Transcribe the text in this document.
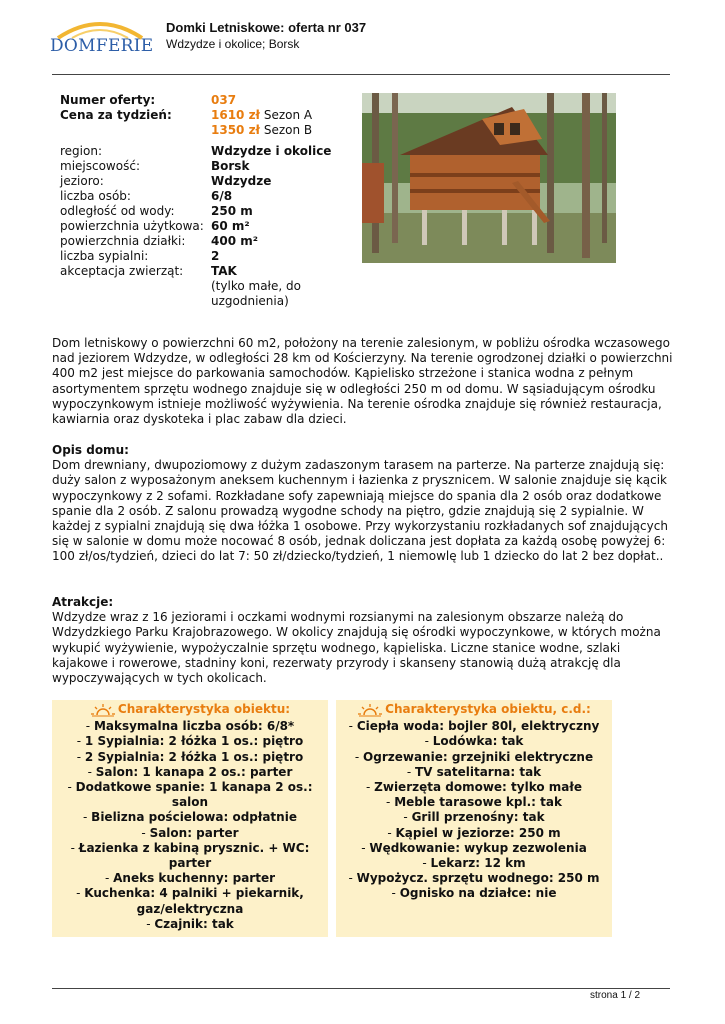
DOMFERIE
Domki Letniskowe: oferta nr 037
Wdzydze i okolice; Borsk
Numer oferty:	037
Cena za tydzień:	1610 zł Sezon A
1350 zł Sezon B
region:	Wdzydze i okolice
miejscowość:	Borsk
jezioro:	Wdzydze
liczba osób:	6/8
odległość od wody:	250 m
powierzchnia użytkowa: 60 m²
powierzchnia działki:	400 m²
liczba sypialni:	2
akceptacja zwierząt:	TAK
(tylko małe, do uzgodnienia)
Dom letniskowy o powierzchni 60 m2, położony na terenie zalesionym, w pobliżu ośrodka wczasowego nad jeziorem Wdzydze, w odległości 28 km od Kościerzyny. Na terenie ogrodzonej działki o powierzchni 400 m2 jest miejsce do parkowania samochodów. Kąpielisko strzeżone i stanica wodna z pełnym asortymentem sprzętu wodnego znajduje się w odległości 250 m od domu. W sąsiadującym ośrodku wypoczynkowym istnieje możliwość wyżywienia. Na terenie ośrodka znajduje się również restauracja, kawiarnia oraz dyskoteka i plac zabaw dla dzieci.
Opis domu:

Dom drewniany, dwupoziomowy z dużym zadaszonym tarasem na parterze. Na parterze znajdują się: duży salon z wyposażonym aneksem kuchennym i łazienka z prysznicem. W salonie znajduje się kącik wypoczynkowy z 2 sofami. Rozkładane sofy zapewniają miejsce do spania dla 2 osób oraz dodatkowe spanie dla 2 osób. Z salonu prowadzą wygodne schody na piętro, gdzie znajdują się 2 sypialnie. W każdej z sypialni znajdują się dwa łóżka 1 osobowe. Przy wykorzystaniu rozkładanych sof znajdujących się w salonie w domu może nocować 8 osób, jednak doliczana jest dopłata za każdą osobę powyżej 6: 100 zł/os/tydzień, dzieci do lat 7: 50 zł/dziecko/tydzień, 1 niemowlę lub 1 dziecko do lat 2 bez dopłat..

Atrakcje:

Wdzydze wraz z 16 jeziorami i oczkami wodnymi rozsianymi na zalesionym obszarze należą do Wdzydzkiego Parku Krajobrazowego. W okolicy znajdują się ośrodki wypoczynkowe, w których można wykupić wyżywienie, wypożyczalnie sprzętu wodnego, kąpieliska. Liczne stanice wodne, szlaki kajakowe i rowerowe, stadniny koni, rezerwaty przyrody i skanseny stanowią dużą atrakcję dla wypoczywających w tych okolicach.

Charakterystyka obiektu:
- Maksymalna liczba osób: 6/8*
- 1 Sypialnia: 2 łóżka 1 os.: piętro
- 2 Sypialnia: 2 łóżka 1 os.: piętro
- Salon: 1 kanapa 2 os.: parter
- Dodatkowe spanie: 1 kanapa 2 os.: salon
- Bielizna pościelowa: odpłatnie
- Salon: parter
- Łazienka z kabiną prysznic. + WC: parter
- Aneks kuchenny: parter
- Kuchenka: 4 palniki + piekarnik, gaz/elektryczna
- Czajnik: tak
Charakterystyka obiektu, c.d.:
- Ciepła woda: bojler 80l, elektryczny
- Lodówka: tak
- Ogrzewanie: grzejniki elektryczne
- TV satelitarna: tak
- Zwierzęta domowe: tylko małe
- Meble tarasowe kpl.: tak
- Grill przenośny: tak
- Kąpiel w jeziorze: 250 m
- Wędkowanie: wykup zezwolenia
- Lekarz: 12 km
- Wypożycz. sprzętu wodnego: 250 m
- Ognisko na działce: nie
strona 1 / 2
